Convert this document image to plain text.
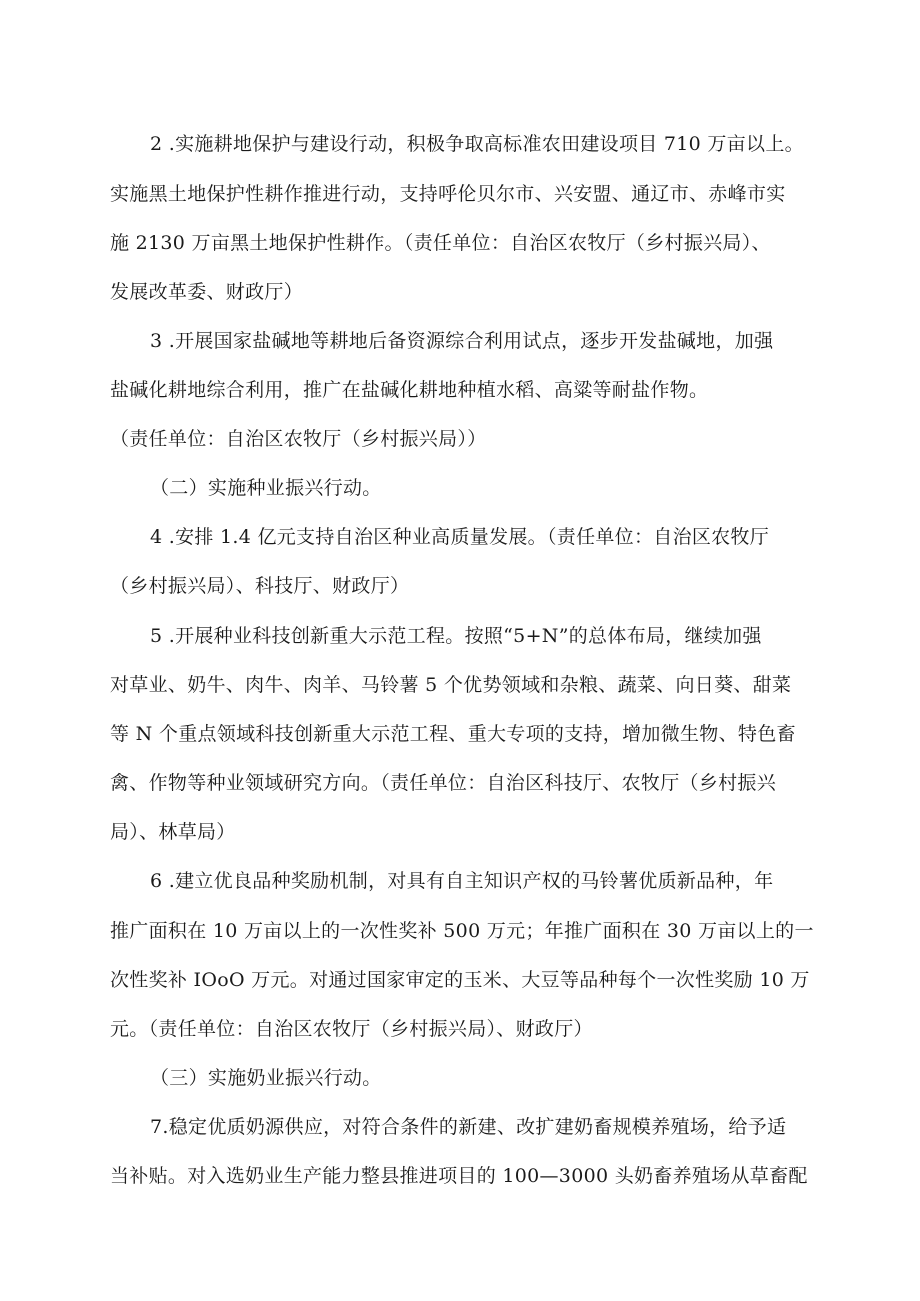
2 .实施耕地保护与建设行动，积极争取高标准农田建设项目 710 万亩以上。
实施黑土地保护性耕作推进行动，支持呼伦贝尔市、兴安盟、通辽市、赤峰市实
施 2130 万亩黑土地保护性耕作。（责任单位：自治区农牧厅（乡村振兴局）、
发展改革委、财政厅）
3 .开展国家盐碱地等耕地后备资源综合利用试点，逐步开发盐碱地，加强
盐碱化耕地综合利用，推广在盐碱化耕地种植水稻、高粱等耐盐作物。
（责任单位：自治区农牧厅（乡村振兴局））
（二）实施种业振兴行动。
4 .安排 1.4 亿元支持自治区种业高质量发展。（责任单位：自治区农牧厅
（乡村振兴局）、科技厅、财政厅）
5 .开展种业科技创新重大示范工程。按照“5+N”的总体布局，继续加强
对草业、奶牛、肉牛、肉羊、马铃薯 5 个优势领域和杂粮、蔬菜、向日葵、甜菜
等 N 个重点领域科技创新重大示范工程、重大专项的支持，增加微生物、特色畜
禽、作物等种业领域研究方向。（责任单位：自治区科技厅、农牧厅（乡村振兴
局）、林草局）
6 .建立优良品种奖励机制，对具有自主知识产权的马铃薯优质新品种，年
推广面积在 10 万亩以上的一次性奖补 500 万元；年推广面积在 30 万亩以上的一
次性奖补 IOoO 万元。对通过国家审定的玉米、大豆等品种每个一次性奖励 10 万
元。（责任单位：自治区农牧厅（乡村振兴局）、财政厅）
（三）实施奶业振兴行动。
7.稳定优质奶源供应，对符合条件的新建、改扩建奶畜规模养殖场，给予适
当补贴。对入选奶业生产能力整县推进项目的 100—3000 头奶畜养殖场从草畜配
